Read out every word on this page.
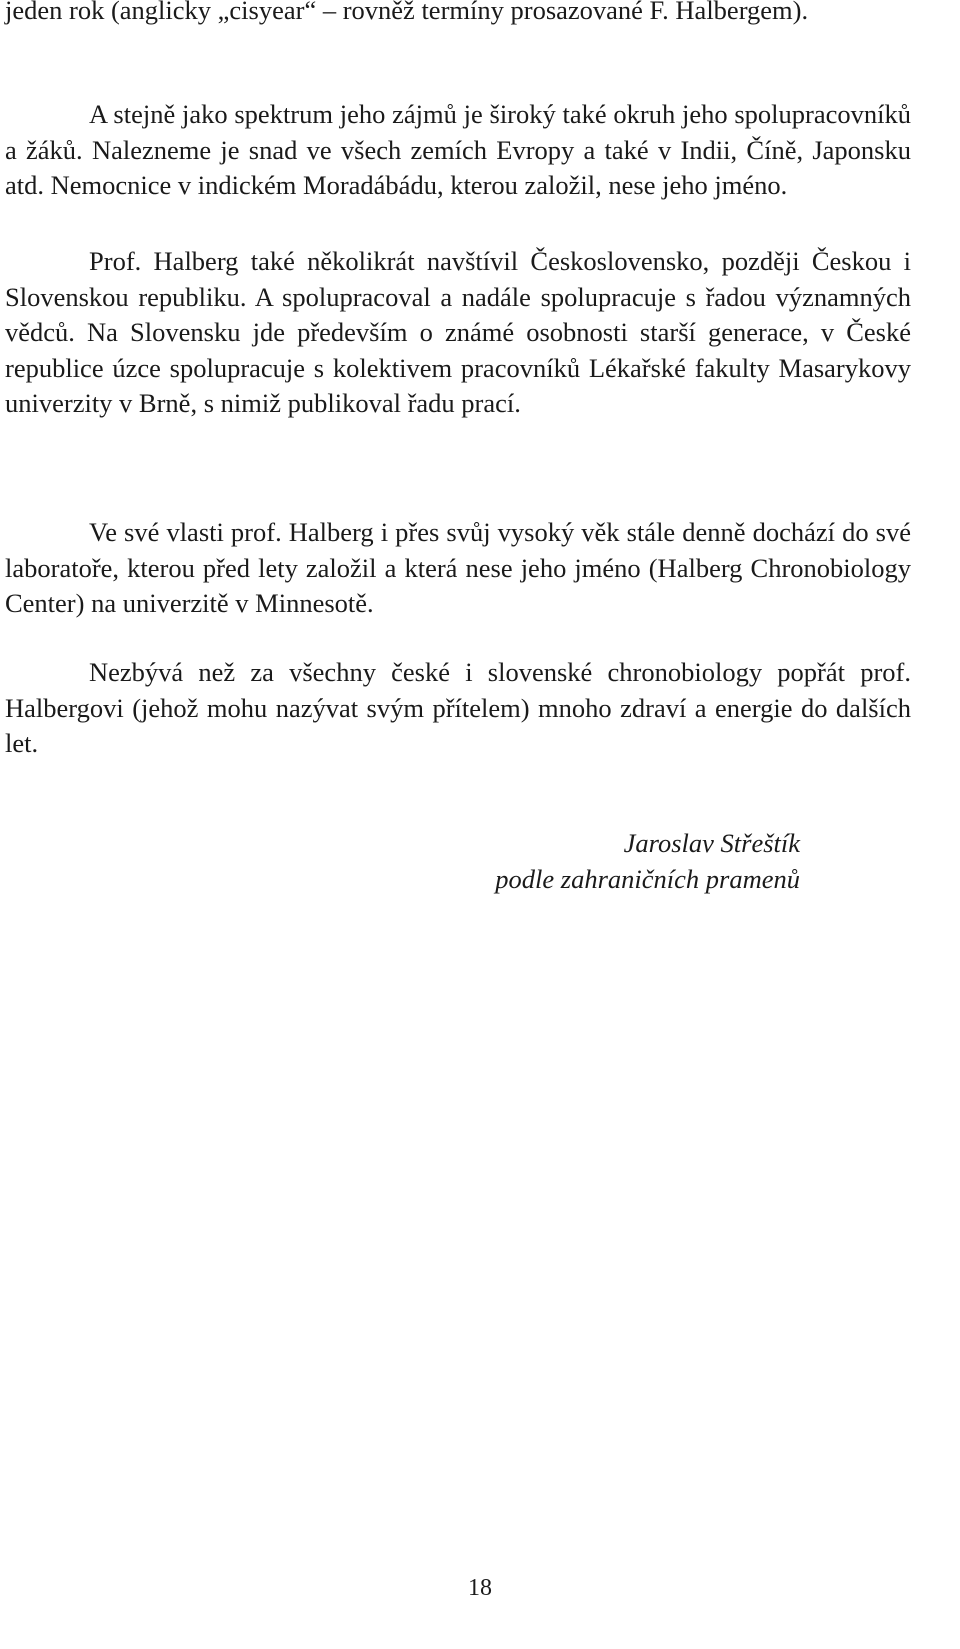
jeden rok (anglicky „cisyear“ – rovněž termíny prosazované F. Halbergem).

A stejně jako spektrum jeho zájmů je široký také okruh jeho spolupracovníků a žáků. Nalezneme je snad ve všech zemích Evropy a také v Indii, Číně, Japonsku atd. Nemocnice v indickém Moradábádu, kterou založil, nese jeho jméno.

Prof. Halberg také několikrát navštívil Československo, později Českou i Slovenskou republiku. A spolupracoval a nadále spolupracuje s řadou významných vědců. Na Slovensku jde především o známé osobnosti starší generace, v České republice úzce spolupracuje s kolektivem pracovníků Lékařské fakulty Masarykovy univerzity v Brně, s nimiž publikoval řadu prací.

Ve své vlasti prof. Halberg i přes svůj vysoký věk stále denně dochází do své laboratoře, kterou před lety založil a která nese jeho jméno (Halberg Chronobiology Center) na univerzitě v Minnesotě.

Nezbývá než za všechny české i slovenské chronobiology popřát prof. Halbergovi (jehož mohu nazývat svým přítelem) mnoho zdraví a energie do dalších let.

Jaroslav Střeštík
podle zahraničních pramenů
18
